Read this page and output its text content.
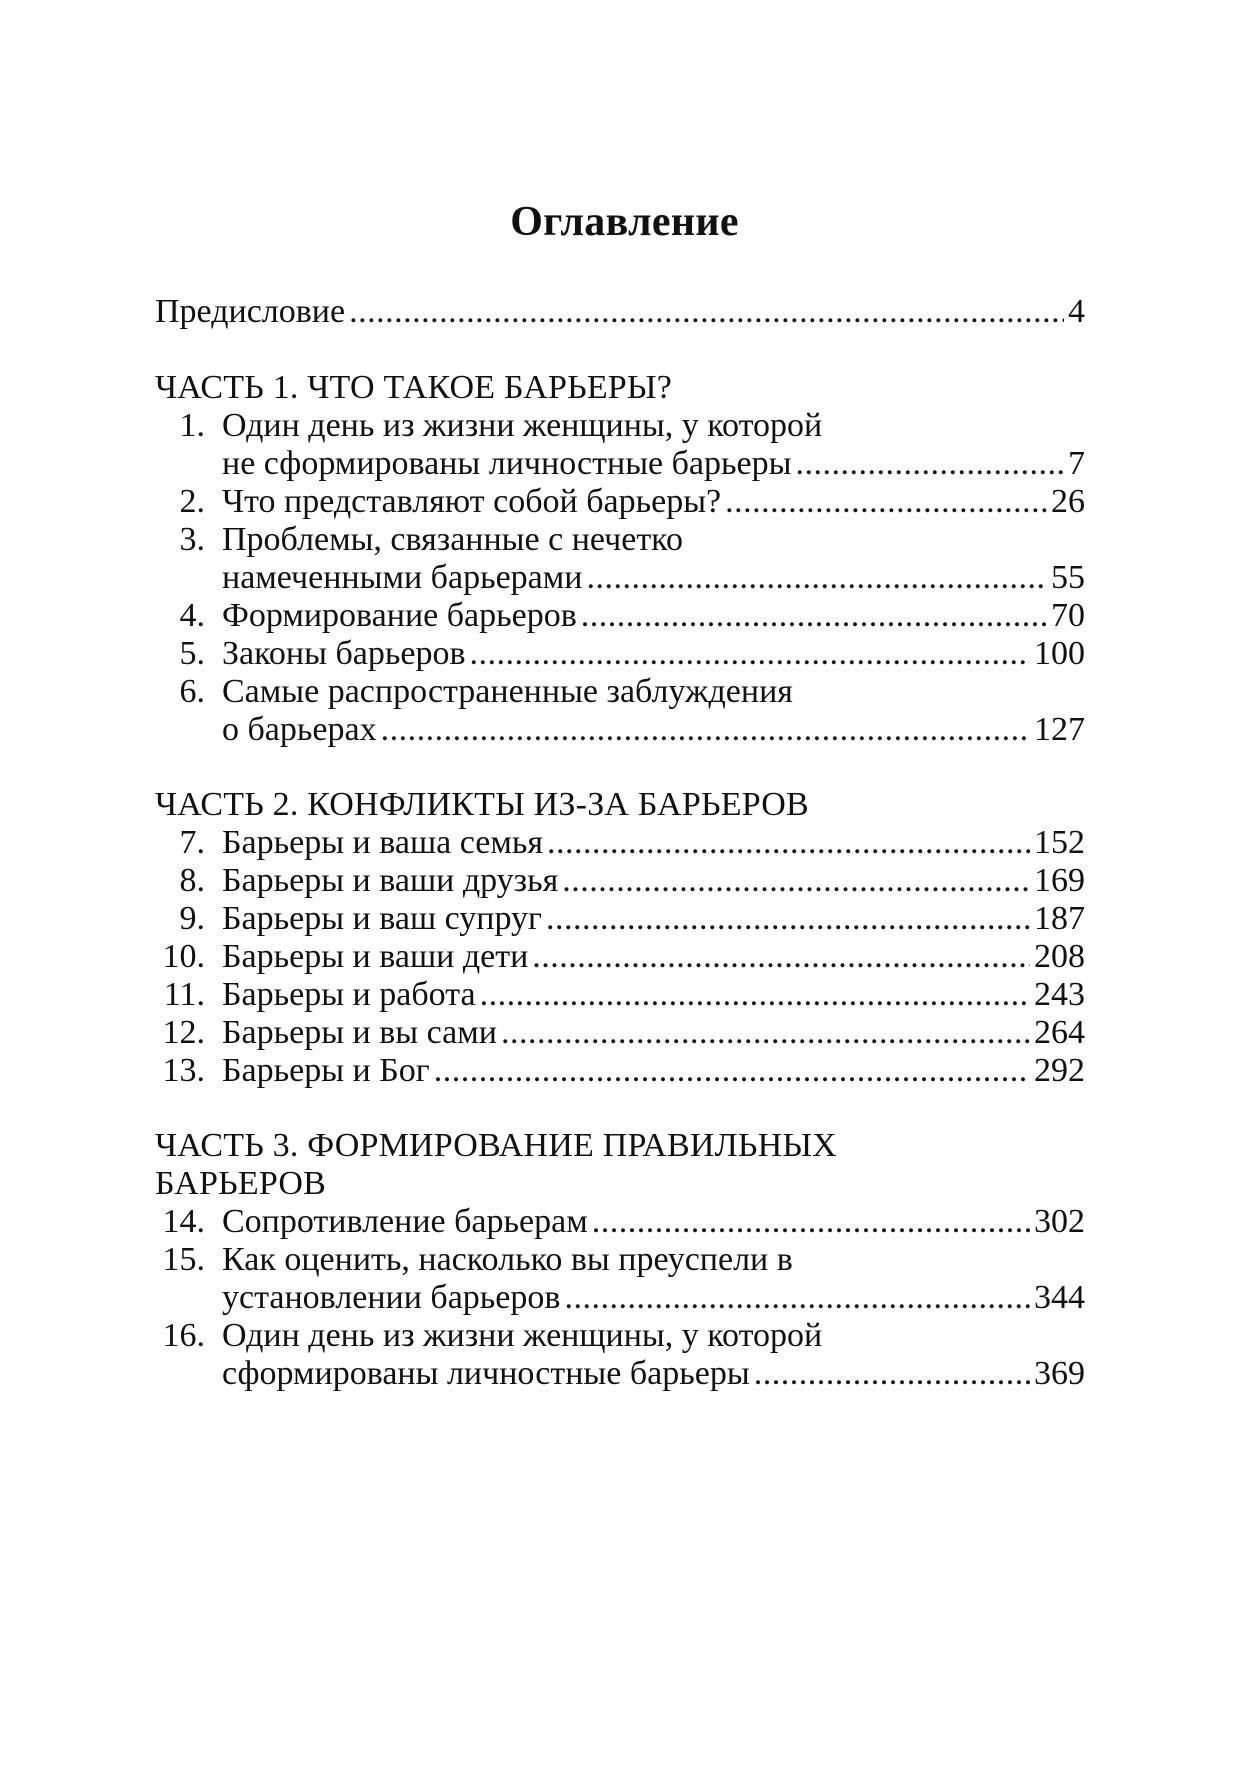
Оглавление
Предисловие . . .	4
ЧАСТЬ 1. ЧТО ТАКОЕ БАРЬЕРЫ?
1. Один день из жизни женщины, у которой
не сформированы личностные барьеры . . .	7
2. Что представляют собой барьеры? . . .	26
3. Проблемы, связанные с нечетко
намеченными барьерами . . .	55
4. Формирование барьеров . . .	70
5. Законы барьеров . . .	100
6. Самые распространенные заблуждения
о барьерах . . .	127
ЧАСТЬ 2. КОНФЛИКТЫ ИЗ-ЗА БАРЬЕРОВ
7. Барьеры и ваша семья . . .	152
8. Барьеры и ваши друзья . . .	169
9. Барьеры и ваш супруг . . .	187
10. Барьеры и ваши дети . . .	208
11. Барьеры и работа . . .	243
12. Барьеры и вы сами . . .	264
13. Барьеры и Бог . . .	292
ЧАСТЬ 3. ФОРМИРОВАНИЕ ПРАВИЛЬНЫХ
БАРЬЕРОВ
14. Сопротивление барьерам . . .	302
15. Как оценить, насколько вы преуспели в
установлении барьеров . . .	344
16. Один день из жизни женщины, у которой
сформированы личностные барьеры . . .	369
